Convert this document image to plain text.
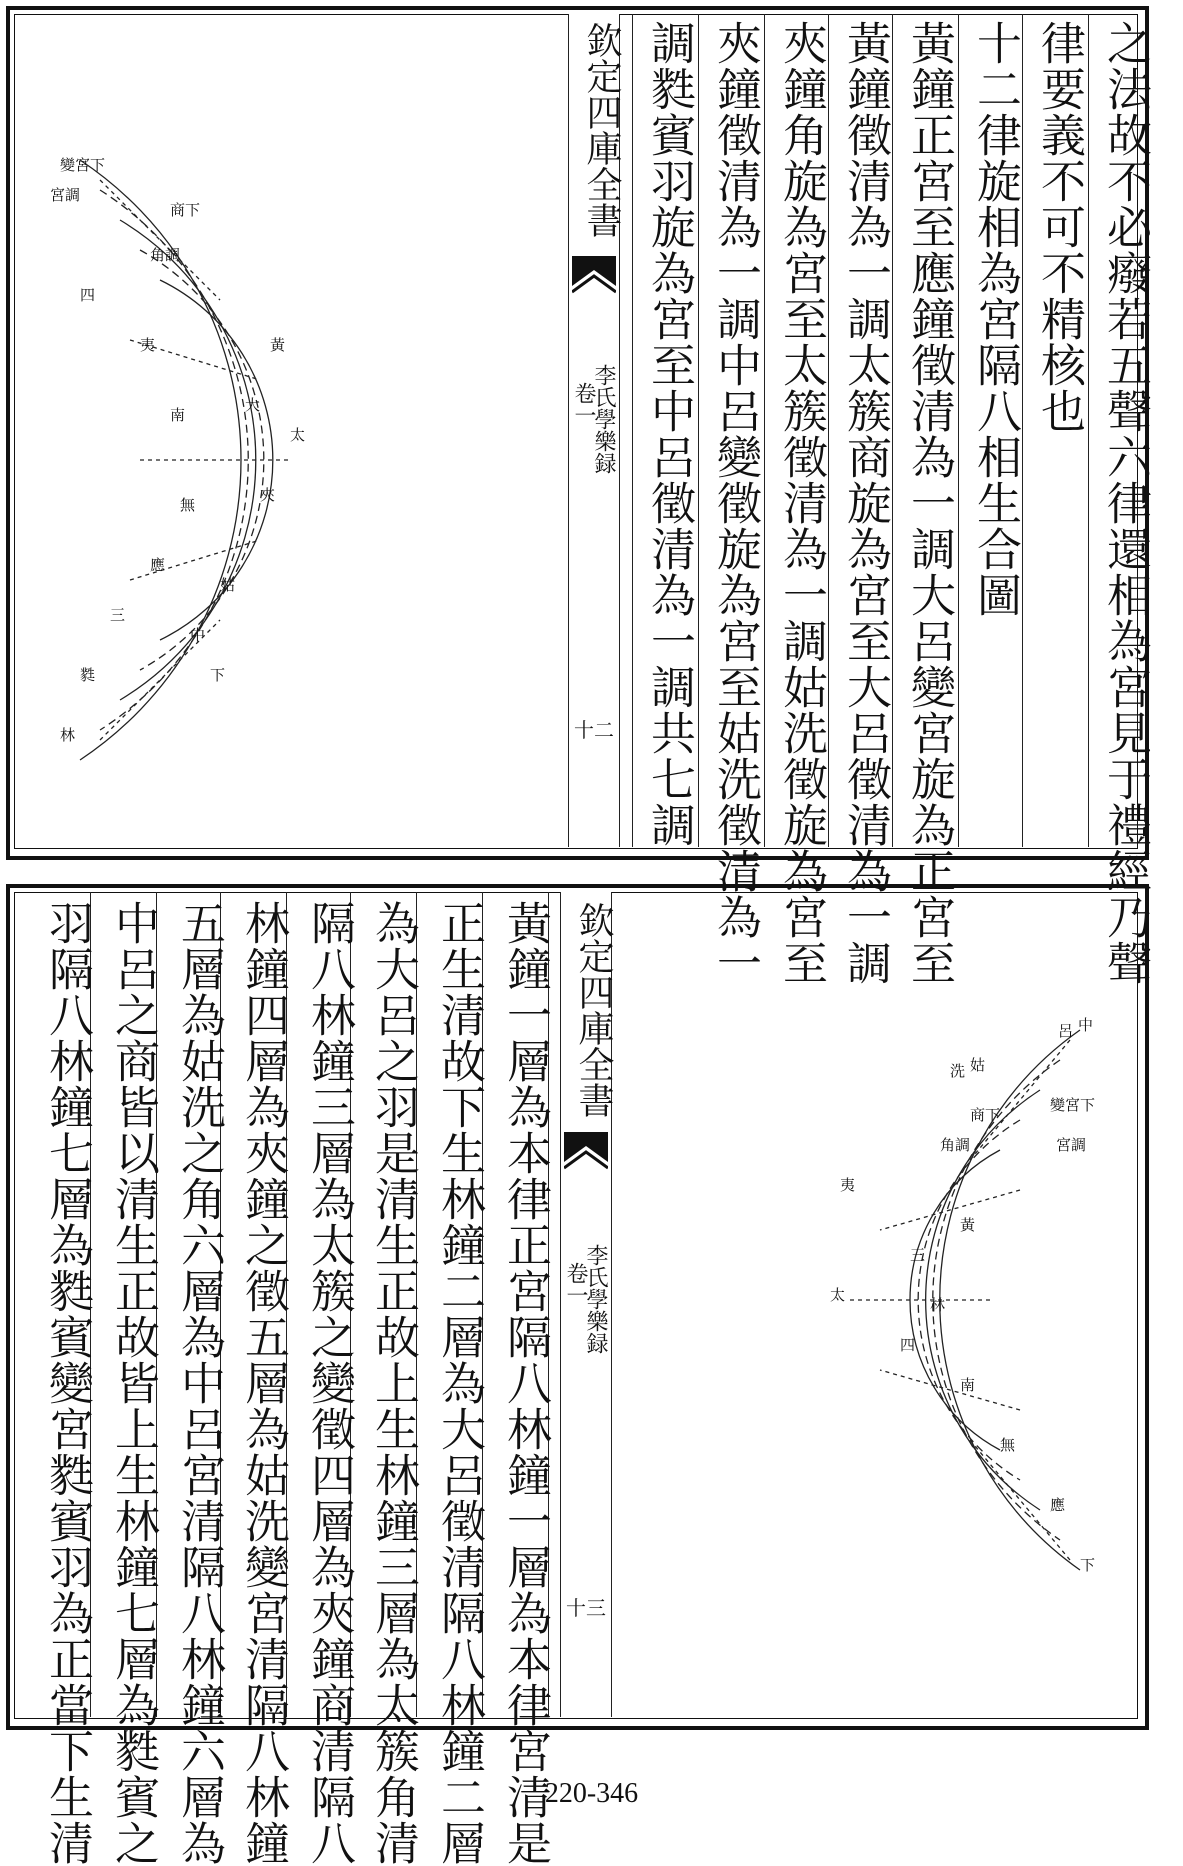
之法故不必癈若五聲六律還相為宮見于禮經乃聲
律要義不可不精核也
十二律旋相為宮隔八相生合圖
黃鐘正宮至應鐘徵清為一調大呂變宮旋為正宮至
黃鐘徵清為一調太簇商旋為宮至大呂徵清為一調
夾鐘角旋為宮至太簇徵清為一調姑洗徵旋為宮至
夾鐘徵清為一調中呂變徵旋為宮至姑洗徵清為一
調㽔賓羽旋為宮至中呂徵清為一調共七調
欽定四庫全書
李氏學樂録
卷一
十二
變宮下
宮調
商下
角調
黃
大
太
夾
姑
中
㽔
林
夷
南
無
應
三
四
下
欽定四庫全書
李氏學樂録
卷一
十三
黃鐘一層為本律正宮隔八林鐘一層為本律宮清是
正生清故下生林鐘二層為大呂徵清隔八林鐘二層
為大呂之羽是清生正故上生林鐘三層為太簇角清
隔八林鐘三層為太簇之變徵四層為夾鐘商清隔八
林鐘四層為夾鐘之徵五層為姑洗變宮清隔八林鐘
五層為姑洗之角六層為中呂宮清隔八林鐘六層為
中呂之商皆以清生正故皆上生林鐘七層為㽔賓之
羽隔八林鐘七層為㽔賓變宮㽔賓羽為正當下生清	中
呂
姑
洗
夷
太
變宮下
宮調
商下
角調
黃
林
南
無
應
三
四
下
220-346
